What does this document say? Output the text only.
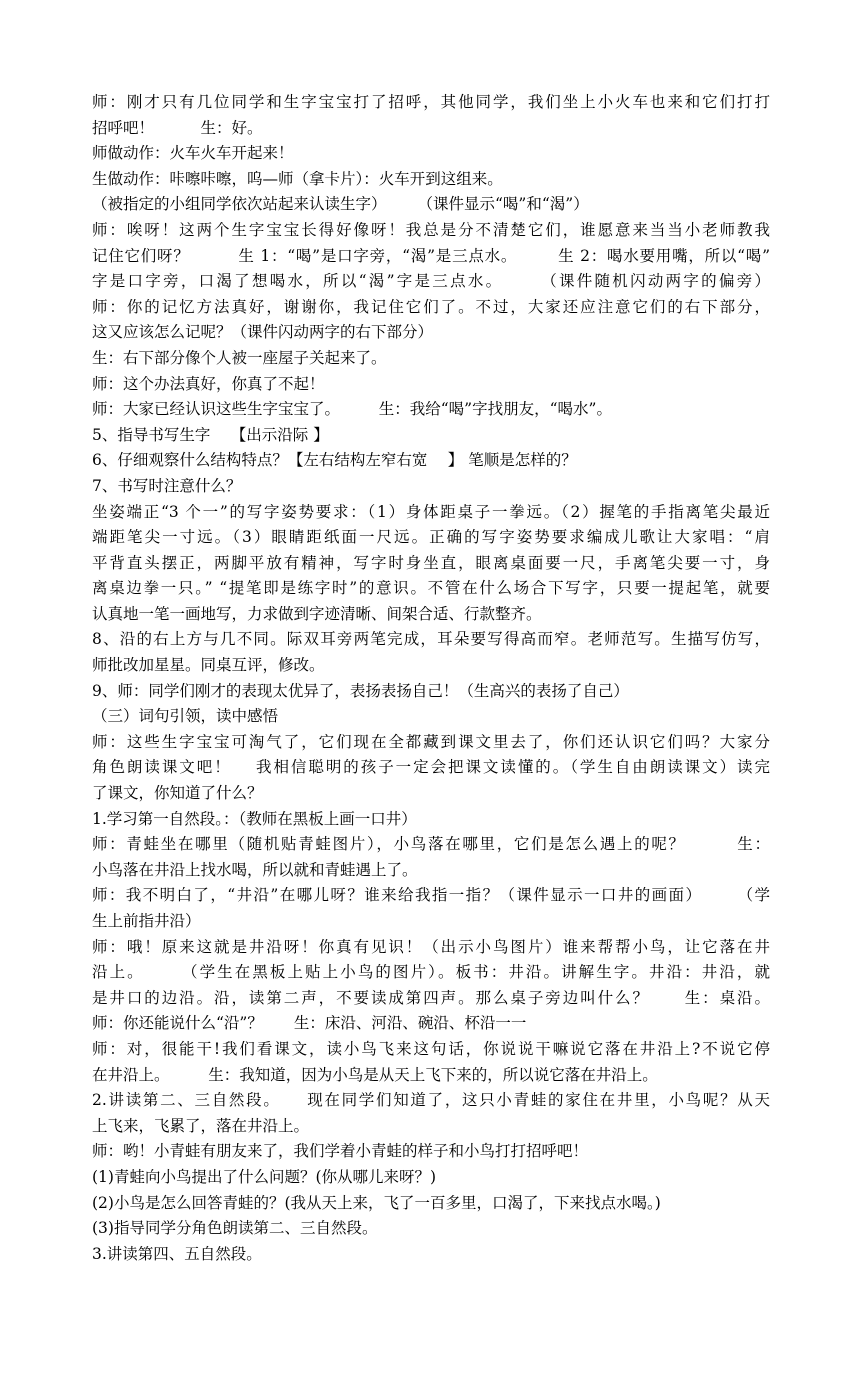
师：刚才只有几位同学和生字宝宝打了招呼，其他同学，我们坐上小火车也来和它们打打
招呼吧！　　　生：好。
师做动作：火车火车开起来！
生做动作：咔嚓咔嚓，呜—师（拿卡片）：火车开到这组来。
（被指定的小组同学依次站起来认读生字）　　　（课件显示“喝”和“渴”）
师：唉呀！这两个生字宝宝长得好像呀！我总是分不清楚它们，谁愿意来当当小老师教我
记住它们呀？　　　生 1：“喝”是口字旁，“渴”是三点水。　　　生 2：喝水要用嘴，所以“喝”
字是口字旁，口渴了想喝水，所以“渴”字是三点水。　　　（课件随机闪动两字的偏旁）
师：你的记忆方法真好，谢谢你，我记住它们了。不过，大家还应注意它们的右下部分，
这又应该怎么记呢？（课件闪动两字的右下部分）
生：右下部分像个人被一座屋子关起来了。
师：这个办法真好，你真了不起！
师：大家已经认识这些生字宝宝了。　　　生：我给“喝”字找朋友，“喝水”。
5、指导书写生字　 【出示沿际 】
6、仔细观察什么结构特点？【左右结构左窄右宽　 】 笔顺是怎样的？
7、书写时注意什么？
坐姿端正“3 个一”的写字姿势要求：（1）身体距桌子一拳远。（2）握笔的手指离笔尖最近
端距笔尖一寸远。（3）眼睛距纸面一尺远。正确的写字姿势要求编成儿歌让大家唱：“肩
平背直头摆正，两脚平放有精神，写字时身坐直，眼离桌面要一尺，手离笔尖要一寸，身
离桌边拳一只。” “提笔即是练字时”的意识。不管在什么场合下写字，只要一提起笔，就要
认真地一笔一画地写，力求做到字迹清晰、间架合适、行款整齐。
8、沿的右上方与几不同。际双耳旁两笔完成，耳朵要写得高而窄。老师范写。生描写仿写，
师批改加星星。同桌互评，修改。
9、师：同学们刚才的表现太优异了，表扬表扬自己！（生高兴的表扬了自己）
（三）词句引领，读中感悟
师：这些生字宝宝可淘气了，它们现在全都藏到课文里去了，你们还认识它们吗？大家分
角色朗读课文吧！　 我相信聪明的孩子一定会把课文读懂的。（学生自由朗读课文）读完
了课文，你知道了什么？
1.学习第一自然段。：（教师在黑板上画一口井）
师：青蛙坐在哪里（随机贴青蛙图片），小鸟落在哪里，它们是怎么遇上的呢？　　　生：
小鸟落在井沿上找水喝，所以就和青蛙遇上了。
师：我不明白了，“井沿”在哪儿呀？谁来给我指一指？（课件显示一口井的画面）　　　（学
生上前指井沿）
师：哦！原来这就是井沿呀！你真有见识！（出示小鸟图片）谁来帮帮小鸟，让它落在井
沿上。　　　（学生在黑板上贴上小鸟的图片）。板书：井沿。讲解生字。井沿：井沿，就
是井口的边沿。沿，读第二声，不要读成第四声。那么桌子旁边叫什么？　　生：桌沿。
师：你还能说什么“沿”？　　生：床沿、河沿、碗沿、杯沿一一
师：对，很能干!我们看课文，读小鸟飞来这句话，你说说干嘛说它落在井沿上?不说它停
在井沿上。　　　生：我知道，因为小鸟是从天上飞下来的，所以说它落在井沿上。
2.讲读第二、三自然段。　　现在同学们知道了，这只小青蛙的家住在井里，小鸟呢？从天
上飞来，飞累了，落在井沿上。
师：哟！小青蛙有朋友来了，我们学着小青蛙的样子和小鸟打打招呼吧！
(1)青蛙向小鸟提出了什么问题？(你从哪儿来呀？)
(2)小鸟是怎么回答青蛙的？(我从天上来，飞了一百多里，口渴了，下来找点水喝。)
(3)指导同学分角色朗读第二、三自然段。
3.讲读第四、五自然段。
